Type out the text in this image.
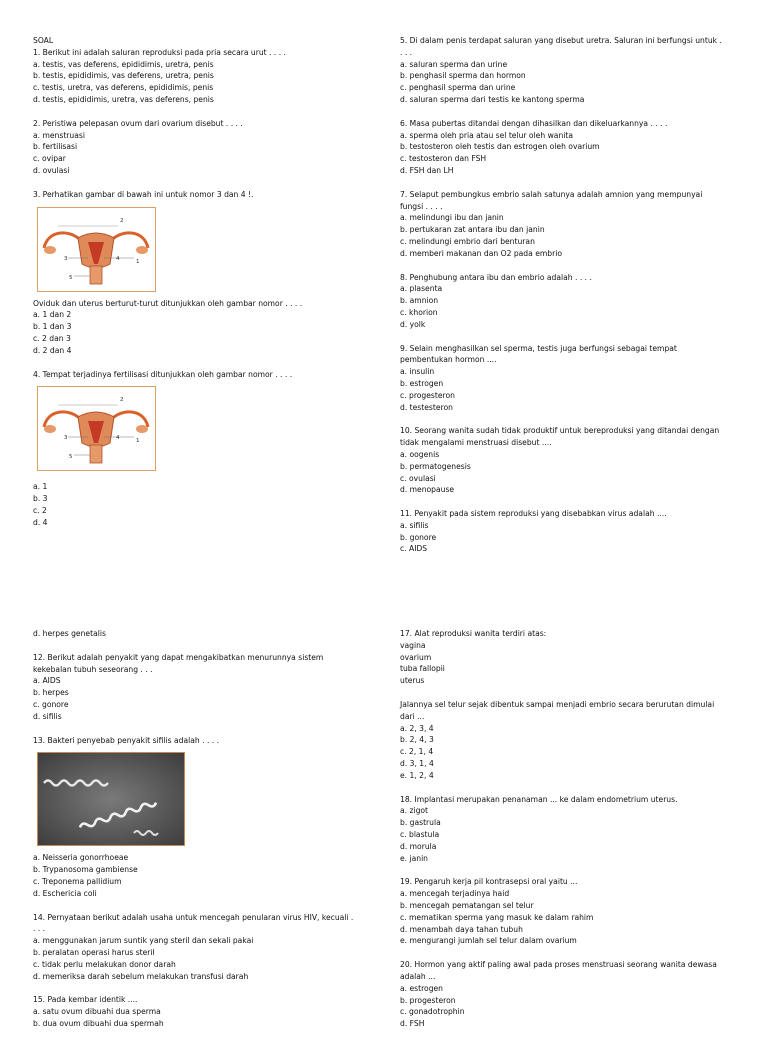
SOAL
1. Berikut ini adalah saluran reproduksi pada pria secara urut . . . .
a. testis, vas deferens, epididimis, uretra, penis
b. testis, epididimis, vas deferens, uretra, penis
c. testis, uretra, vas deferens, epididimis, penis
d. testis, epididimis, uretra, vas deferens, penis
2. Peristiwa pelepasan ovum dari ovarium disebut . . . .
a. menstruasi
b. fertilisasi
c. ovipar
d. ovulasi
3. Perhatikan gambar di bawah ini untuk nomor 3 dan 4 !.
2
1
3	4
5
Oviduk dan uterus berturut-turut ditunjukkan oleh gambar nomor . . . .
a. 1 dan 2
b. 1 dan 3
c. 2 dan 3
d. 2 dan 4
4. Tempat terjadinya fertilisasi ditunjukkan oleh gambar nomor . . . .
2
1
3	4
5
a. 1
b. 3
c. 2
d. 4
5. Di dalam penis terdapat saluran yang disebut uretra. Saluran ini berfungsi untuk .
. . .
a. saluran sperma dan urine
b. penghasil sperma dan hormon
c. penghasil sperma dan urine
d. saluran sperma dari testis ke kantong sperma
6. Masa pubertas ditandai dengan dihasilkan dan dikeluarkannya . . . .
a. sperma oleh pria atau sel telur oleh wanita
b. testosteron oleh testis dan estrogen oleh ovarium
c. testosteron dan FSH
d. FSH dan LH
7. Selaput pembungkus embrio salah satunya adalah amnion yang mempunyai
fungsi . . . .
a. melindungi ibu dan janin
b. pertukaran zat antara ibu dan janin
c. melindungi embrio dari benturan
d. memberi makanan dan O2 pada embrio
8. Penghubung antara ibu dan embrio adalah . . . .
a. plasenta
b. amnion
c. khorion
d. yolk
9. Selain menghasilkan sel sperma, testis juga berfungsi sebagai tempat
pembentukan hormon ....
a. insulin
b. estrogen
c. progesteron
d. testesteron
10. Seorang wanita sudah tidak produktif untuk bereproduksi yang ditandai dengan
tidak mengalami menstruasi disebut ....
a. oogenis
b. permatogenesis
c. ovulasi
d. menopause
11. Penyakit pada sistem reproduksi yang disebabkan virus adalah ....
a. sifilis
b. gonore
c. AIDS
d. herpes genetalis
12. Berikut adalah penyakit yang dapat mengakibatkan menurunnya sistem
kekebalan tubuh seseorang . . .
a. AIDS
b. herpes
c. gonore
d. sifilis
13. Bakteri penyebab penyakit sifilis adalah . . . .
a. Neisseria gonorrhoeae
b. Trypanosoma gambiense
c. Treponema pallidium
d. Eschericia coli
14. Pernyataan berikut adalah usaha untuk mencegah penularan virus HIV, kecuali .
. . .
a. menggunakan jarum suntik yang steril dan sekali pakai
b. peralatan operasi harus steril
c. tidak perlu melakukan donor darah
d. memeriksa darah sebelum melakukan transfusi darah
15. Pada kembar identik ....
a. satu ovum dibuahi dua sperma
b. dua ovum dibuahi dua spermah
17. Alat reproduksi wanita terdiri atas:
vagina
ovarium
tuba fallopii
uterus
Jalannya sel telur sejak dibentuk sampai menjadi embrio secara berurutan dimulai
dari ...
a. 2, 3, 4
b. 2, 4, 3
c. 2, 1, 4
d. 3, 1, 4
e. 1, 2, 4
18. Implantasi merupakan penanaman ... ke dalam endometrium uterus.
a. zigot
b. gastrula
c. blastula
d. morula
e. janin
19. Pengaruh kerja pil kontrasepsi oral yaitu ...
a. mencegah terjadinya haid
b. mencegah pematangan sel telur
c. mematikan sperma yang masuk ke dalam rahim
d. menambah daya tahan tubuh
e. mengurangi jumlah sel telur dalam ovarium
20. Hormon yang aktif paling awal pada proses menstruasi seorang wanita dewasa
adalah ...
a. estrogen
b. progesteron
c. gonadotrophin
d. FSH
